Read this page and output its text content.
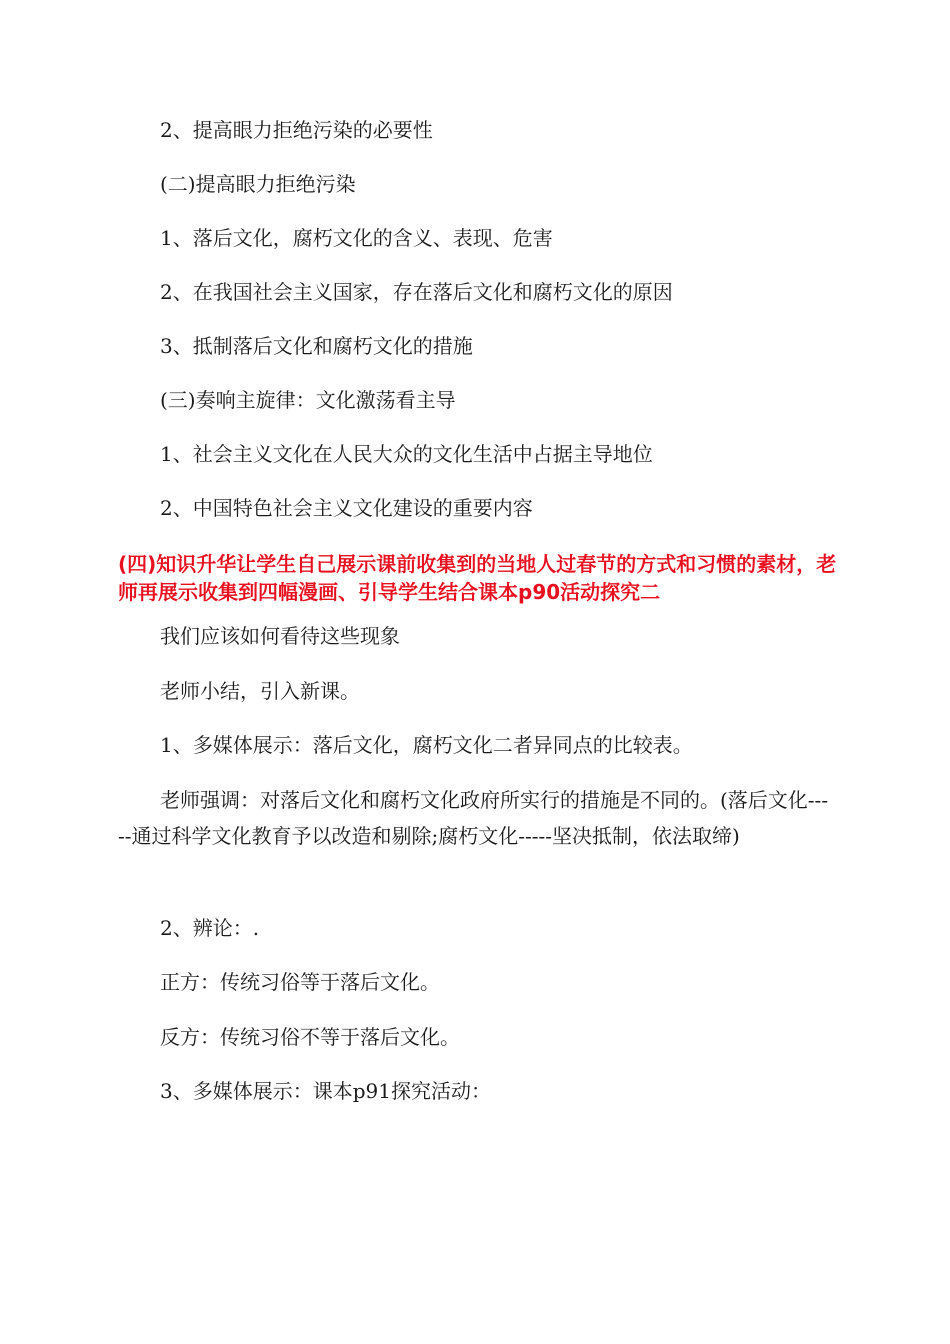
2、提高眼力拒绝污染的必要性

(二)提高眼力拒绝污染

1、落后文化，腐朽文化的含义、表现、危害

2、在我国社会主义国家，存在落后文化和腐朽文化的原因

3、抵制落后文化和腐朽文化的措施

(三)奏响主旋律：文化激荡看主导

1、社会主义文化在人民大众的文化生活中占据主导地位

2、中国特色社会主义文化建设的重要内容

(四)知识升华让学生自己展示课前收集到的当地人过春节的方式和习惯的素材，老师再展示收集到四幅漫画、引导学生结合课本p90活动探究二

我们应该如何看待这些现象

老师小结，引入新课。

1、多媒体展示：落后文化，腐朽文化二者异同点的比较表。

老师强调：对落后文化和腐朽文化政府所实行的措施是不同的。(落后文化-----通过科学文化教育予以改造和剔除;腐朽文化-----坚决抵制，依法取缔)

2、辨论：.

正方：传统习俗等于落后文化。

反方：传统习俗不等于落后文化。

3、多媒体展示：课本p91探究活动：
